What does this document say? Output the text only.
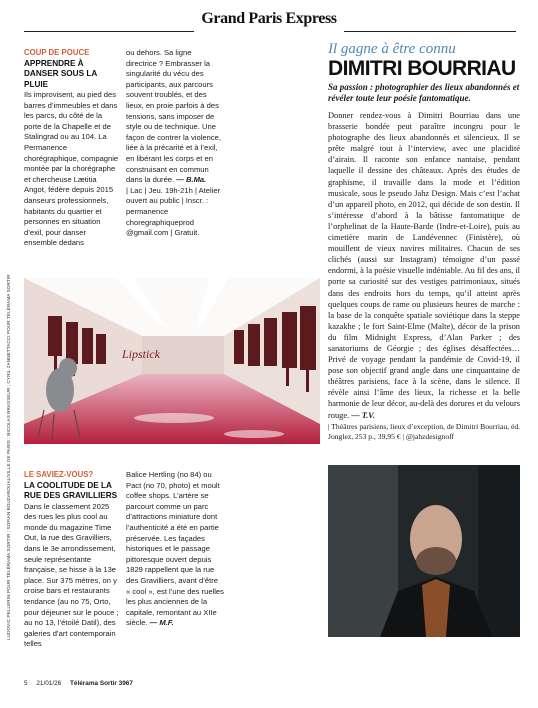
Grand Paris Express
COUP DE POUCE
APPRENDRE À DANSER SOUS LA PLUIE
Ils improvisent, au pied des barres d’immeubles et dans les parcs, du côté de la porte de la Chapelle et de Stalingrad ou au 104. La Permanence chorégraphique, compagnie montée par la chorégraphe et chercheuse Lætitia Angot, fédère depuis 2015 danseurs professionnels, habitants du quartier et personnes en situation d’exil, pour danser ensemble dedans
ou dehors. Sa ligne directrice ? Embrasser la singularité du vécu des participants, aux parcours souvent troublés, et des lieux, en proie parfois à des tensions, sans imposer de style ou de technique. Une façon de contrer la violence, liée à la précarité et à l’exil, en libérant les corps et en construisant en commun dans la durée. — B.Ma.
| Lac | Jeu. 19h-21h | Atelier ouvert au public | Inscr. : permanence choregraphiqueprod @gmail.com | Gratuit.
Lipstick
LE SAVIEZ-VOUS?
LA COOLITUDE DE LA RUE DES GRAVILLIERS
Dans le classement 2025 des rues les plus cool au monde du magazine Time Out, la rue des Gravilliers, dans le 3e arrondissement, seule représentante française, se hisse à la 13e place. Sur 375 mètres, on y croise bars et restaurants tendance (au no 75, Orto, pour déjeuner sur le pouce ; au no 13, l’étoilé Datil), des galeries d’art contemporain telles
Balice Hertling (no 84) ou Pact (no 70, photo) et moult coffee shops. L’artère se parcourt comme un parc d’attractions miniature dont l’authenticité a été en partie préservée. Les façades historiques et le passage pittoresque ouvert depuis 1829 rappellent que la rue des Gravilliers, avant d’être « cool », est l’une des ruelles les plus anciennes de la capitale, remontant au XIIe siècle. — M.F.
Il gagne à être connu
DIMITRI BOURRIAU
Sa passion : photographier des lieux abandonnés et révéler toute leur poésie fantomatique.
Donner rendez-vous à Dimitri Bourriau dans une brasserie bondée peut paraître incongru pour le photographe des lieux abandonnés et silencieux. Il se prête malgré tout à l’interview, avec une placidité d’airain. Il raconte son enfance nantaise, pendant laquelle il dessine des châteaux. Après des études de graphisme, il travaille dans la mode et l’édition musicale, sous le pseudo Jahz Design. Mais c’est l’achat d’un appareil photo, en 2012, qui décide de son destin. Il s’intéresse d’abord à la bâtisse fantomatique de l’orphelinat de la Haute-Barde (Indre-et-Loire), puis au cimetière marin de Landévennec (Finistère), où mouillent de vieux navires militaires. Chacun de ses clichés (aussi sur Instagram) témoigne d’un passé endormi, à la poésie visuelle indéniable. Au fil des ans, il porte sa curiosité sur des vestiges patrimoniaux, situés dans des endroits hors du temps, qu’il atteint après quelques coups de rame ou plusieurs heures de marche : la base de la conquête spatiale soviétique dans la steppe kazakhe ; le fort Saint-Elme (Malte), décor de la prison du film Midnight Express, d’Alan Parker ; des sanatoriums de Géorgie ; des églises désaffectées… Privé de voyage pendant la pandémie de Covid-19, il pose son objectif grand angle dans une cinquantaine de théâtres parisiens, face à la scène, dans le silence. Il révèle ainsi l’âme des lieux, la richesse et la belle harmonie de leur décor, au-delà des dorures et du velours rouge. — T.V.
| Théâtres parisiens, lieux d’exception, de Dimitri Bourriau, éd. Jonglez, 253 p., 39,95 € | @jahzdesignoff
LUDOVIC PELLERIN POUR TÉLÉRAMA SORTIR ; SOFIAN BOUZAROUAL/VILLE DE PARIS ; NICOLAS BRASSEUR ; CYRIL ZANNETTACCI POUR TÉLÉRAMA SORTIR
5 21/01/26 Télérama Sortir 3967
